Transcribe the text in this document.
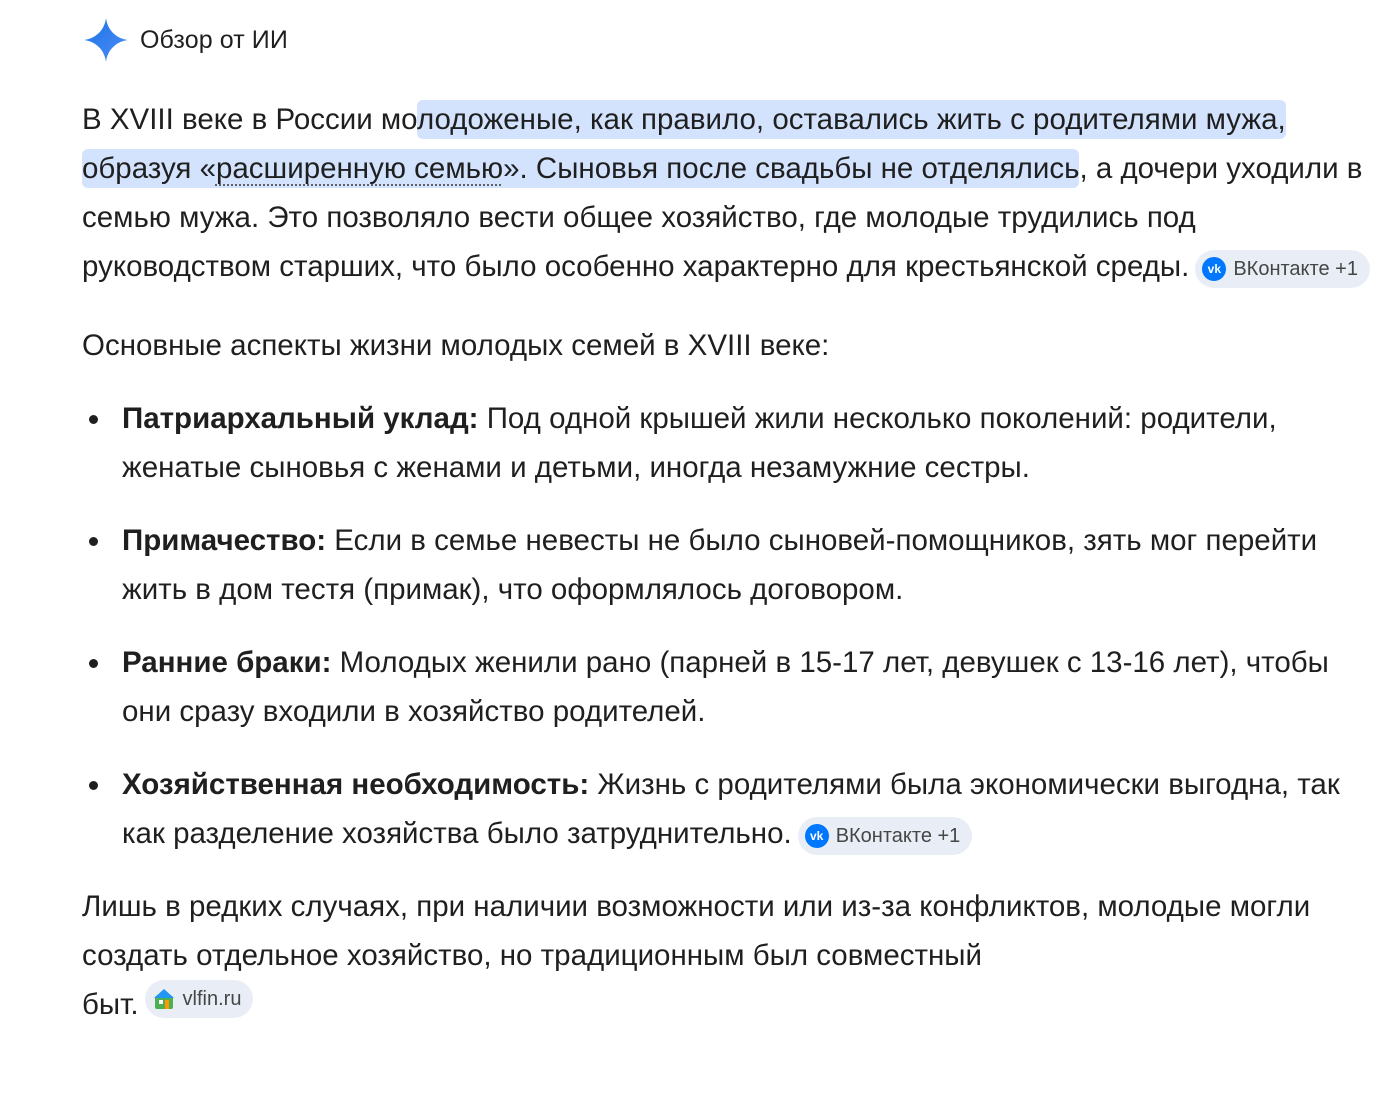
Обзор от ИИ

В XVIII веке в России молодоженые, как правило, оставались жить с родителями мужа, образуя «расширенную семью». Сыновья после свадьбы не отделялись, а дочери уходили в семью мужа. Это позволяло вести общее хозяйство, где молодые трудились под руководством старших, что было особенно характерно для крестьянской среды.	vk ВКонтакте +1

Основные аспекты жизни молодых семей в XVIII веке:

Патриархальный уклад: Под одной крышей жили несколько поколений: родители, женатые сыновья с женами и детьми, иногда незамужние сестры.
Примачество: Если в семье невесты не было сыновей-помощников, зять мог перейти жить в дом тестя (примак), что оформлялось договором.
Ранние браки: Молодых женили рано (парней в 15-17 лет, девушек с 13-16 лет), чтобы они сразу входили в хозяйство родителей.
Хозяйственная необходимость: Жизнь с родителями была экономически выгодна, так как разделение хозяйства было затруднительно.	vk ВКонтакте +1

Лишь в редких случаях, при наличии возможности или из-за конфликтов, молодые могли создать отдельное хозяйство, но традиционным был совместный
быт. vlfin.ru
